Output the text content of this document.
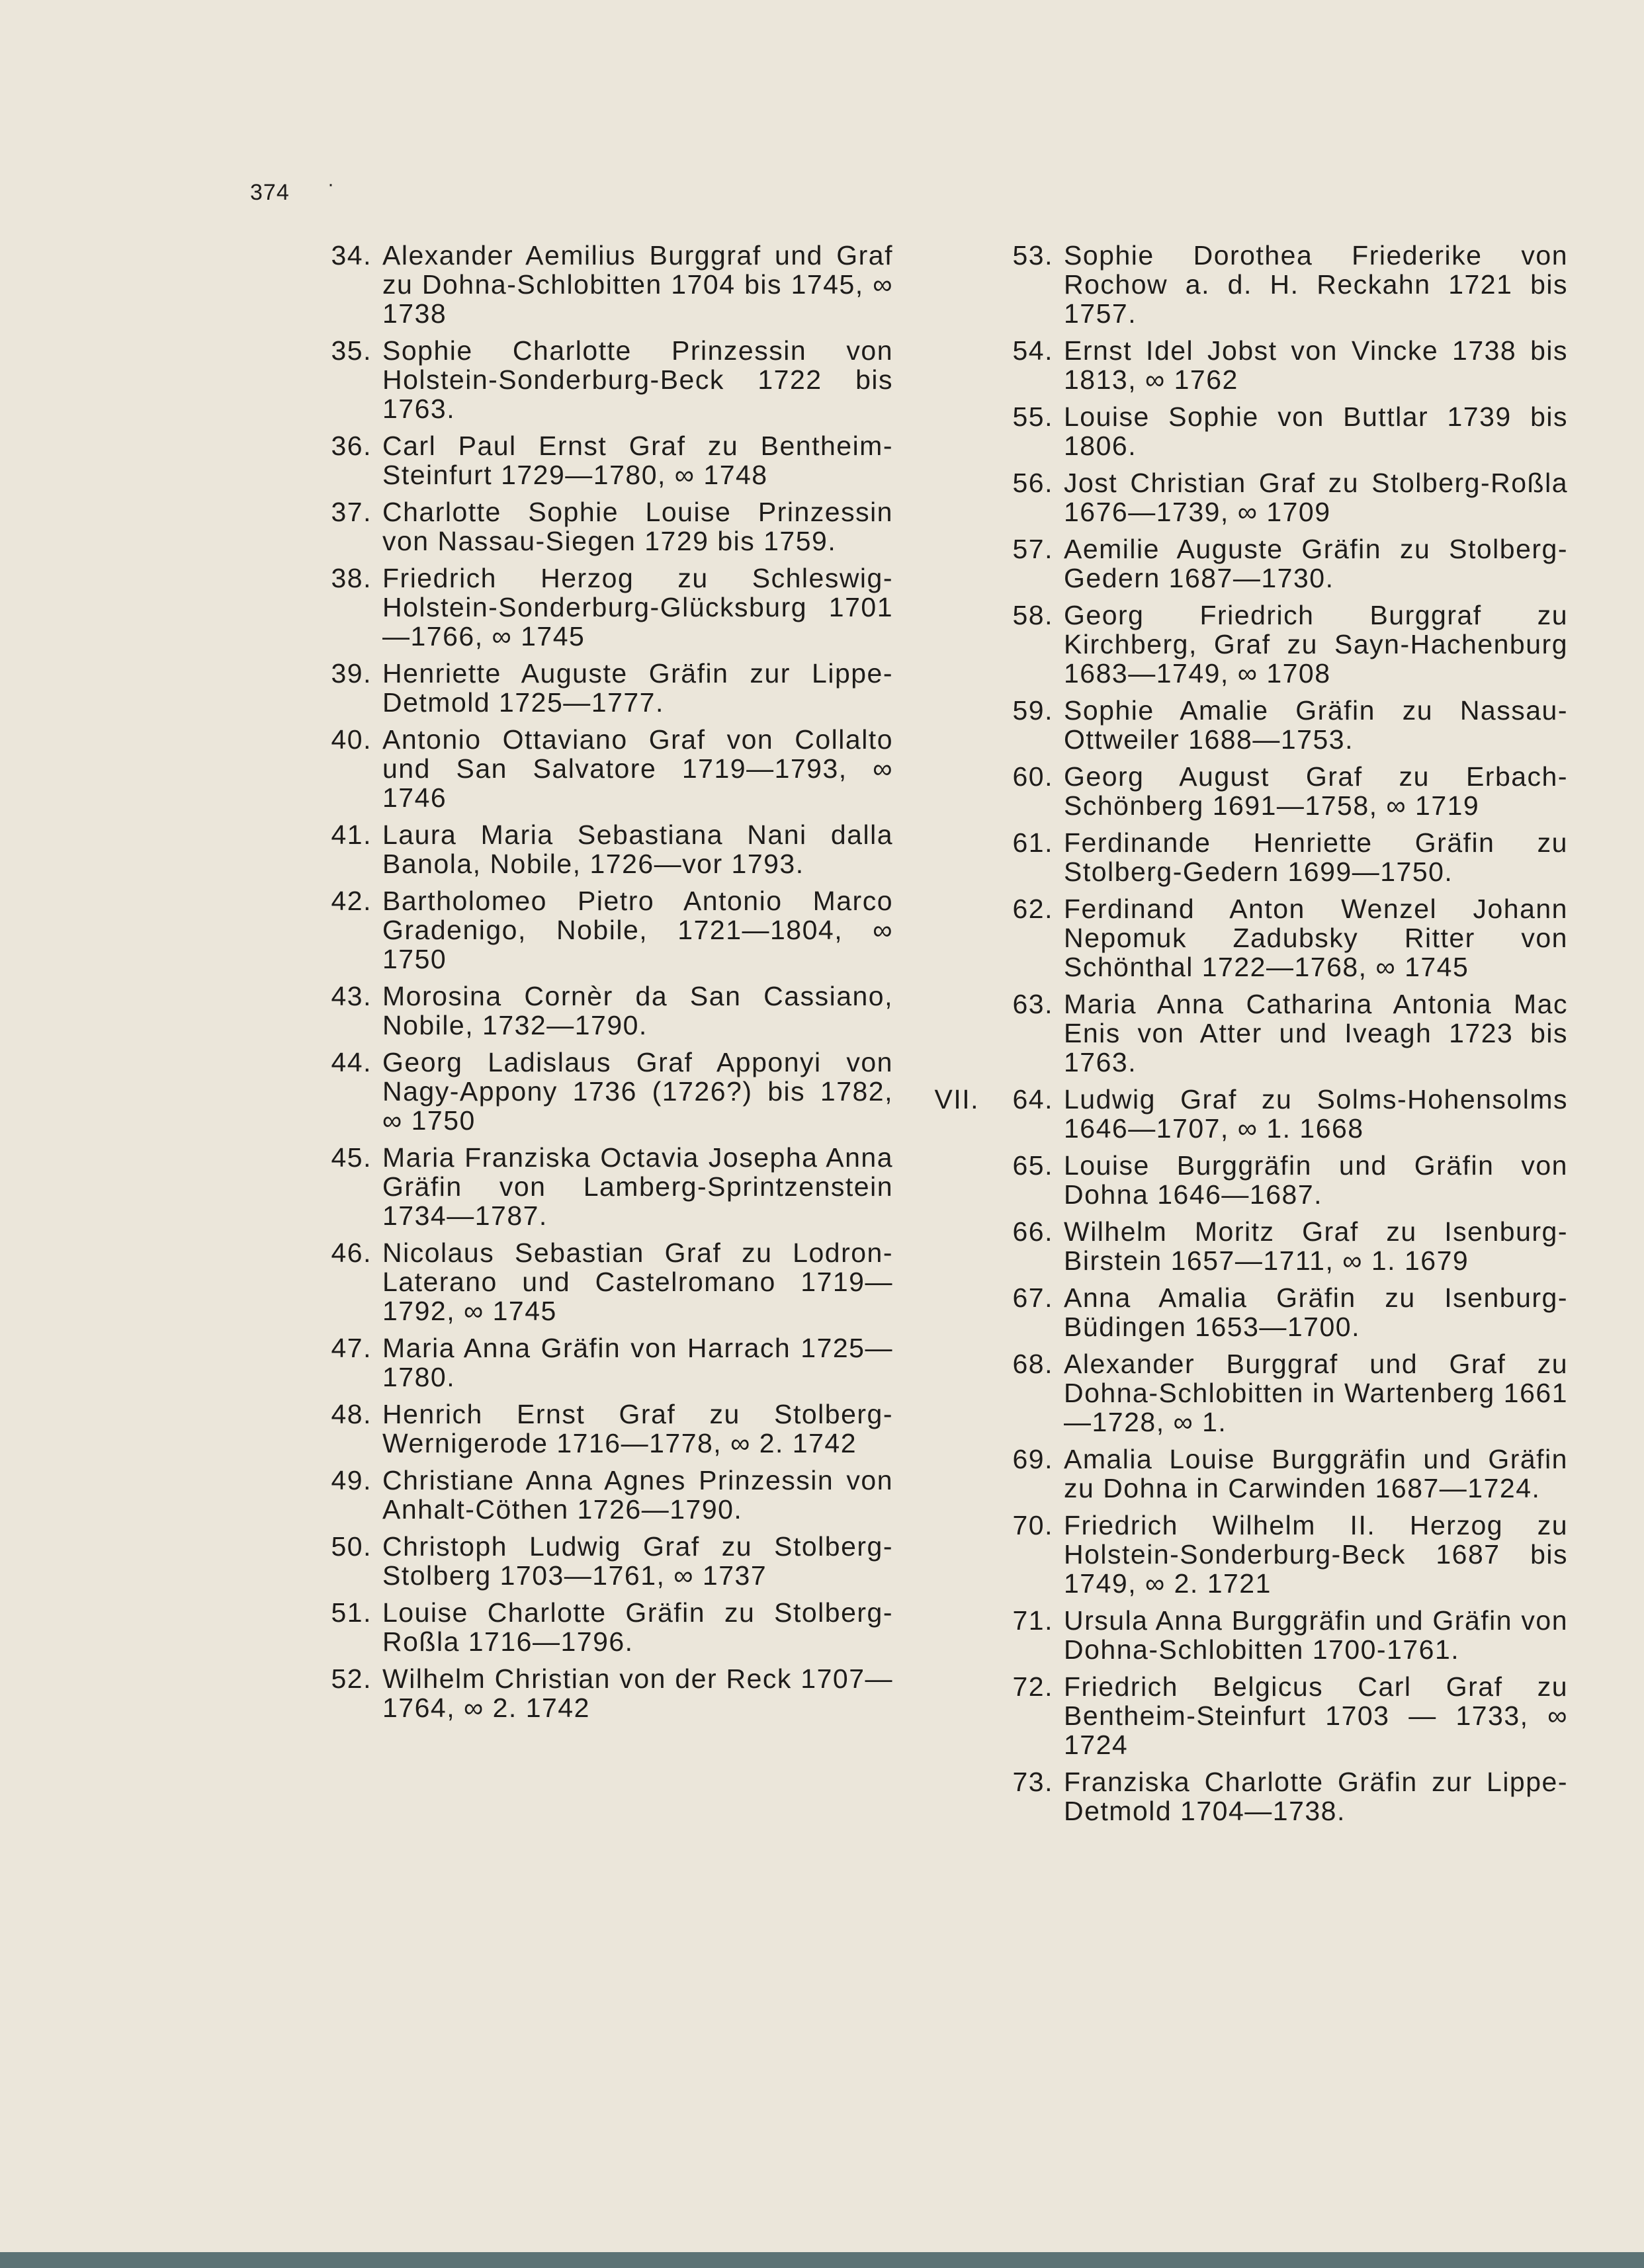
374 ·
34. Alexander Aemilius Burggraf und Graf zu Dohna-Schlobitten 1704 bis 1745, ∞ 1738
35. Sophie Charlotte Prinzessin von Holstein-Sonderburg-Beck 1722 bis 1763.
36. Carl Paul Ernst Graf zu Bentheim-Steinfurt 1729—1780, ∞ 1748
37. Charlotte Sophie Louise Prinzessin von Nassau-Siegen 1729 bis 1759.
38. Friedrich Herzog zu Schleswig-Holstein-Sonderburg-Glücksburg 1701—1766, ∞ 1745
39. Henriette Auguste Gräfin zur Lippe-Detmold 1725—1777.
40. Antonio Ottaviano Graf von Collalto und San Salvatore 1719—1793, ∞ 1746
41. Laura Maria Sebastiana Nani dalla Banola, Nobile, 1726—vor 1793.
42. Bartholomeo Pietro Antonio Marco Gradenigo, Nobile, 1721—1804, ∞ 1750
43. Morosina Cornèr da San Cassiano, Nobile, 1732—1790.
44. Georg Ladislaus Graf Apponyi von Nagy-Appony 1736 (1726?) bis 1782, ∞ 1750
45. Maria Franziska Octavia Josepha Anna Gräfin von Lamberg-Sprintzenstein 1734—1787.
46. Nicolaus Sebastian Graf zu Lodron-Laterano und Castelromano 1719—1792, ∞ 1745
47. Maria Anna Gräfin von Harrach 1725—1780.
48. Henrich Ernst Graf zu Stolberg-Wernigerode 1716—1778, ∞ 2. 1742
49. Christiane Anna Agnes Prinzessin von Anhalt-Cöthen 1726—1790.
50. Christoph Ludwig Graf zu Stolberg-Stolberg 1703—1761, ∞ 1737
51. Louise Charlotte Gräfin zu Stolberg-Roßla 1716—1796.
52. Wilhelm Christian von der Reck 1707—1764, ∞ 2. 1742
53. Sophie Dorothea Friederike von Rochow a. d. H. Reckahn 1721 bis 1757.
54. Ernst Idel Jobst von Vincke 1738 bis 1813, ∞ 1762
55. Louise Sophie von Buttlar 1739 bis 1806.
56. Jost Christian Graf zu Stolberg-Roßla 1676—1739, ∞ 1709
57. Aemilie Auguste Gräfin zu Stolberg-Gedern 1687—1730.
58. Georg Friedrich Burggraf zu Kirchberg, Graf zu Sayn-Hachenburg 1683—1749, ∞ 1708
59. Sophie Amalie Gräfin zu Nassau-Ottweiler 1688—1753.
60. Georg August Graf zu Erbach-Schönberg 1691—1758, ∞ 1719
61. Ferdinande Henriette Gräfin zu Stolberg-Gedern 1699—1750.
62. Ferdinand Anton Wenzel Johann Nepomuk Zadubsky Ritter von Schönthal 1722—1768, ∞ 1745
63. Maria Anna Catharina Antonia Mac Enis von Atter und Iveagh 1723 bis 1763.
VII.	64. Ludwig Graf zu Solms-Hohensolms 1646—1707, ∞ 1. 1668
65. Louise Burggräfin und Gräfin von Dohna 1646—1687.
66. Wilhelm Moritz Graf zu Isenburg-Birstein 1657—1711, ∞ 1. 1679
67. Anna Amalia Gräfin zu Isenburg-Büdingen 1653—1700.
68. Alexander Burggraf und Graf zu Dohna-Schlobitten in Wartenberg 1661—1728, ∞ 1.
69. Amalia Louise Burggräfin und Gräfin zu Dohna in Carwinden 1687—1724.
70. Friedrich Wilhelm II. Herzog zu Holstein-Sonderburg-Beck 1687 bis 1749, ∞ 2. 1721
71. Ursula Anna Burggräfin und Gräfin von Dohna-Schlobitten 1700-1761.
72. Friedrich Belgicus Carl Graf zu Bentheim-Steinfurt 1703 — 1733, ∞ 1724
73. Franziska Charlotte Gräfin zur Lippe-Detmold 1704—1738.
